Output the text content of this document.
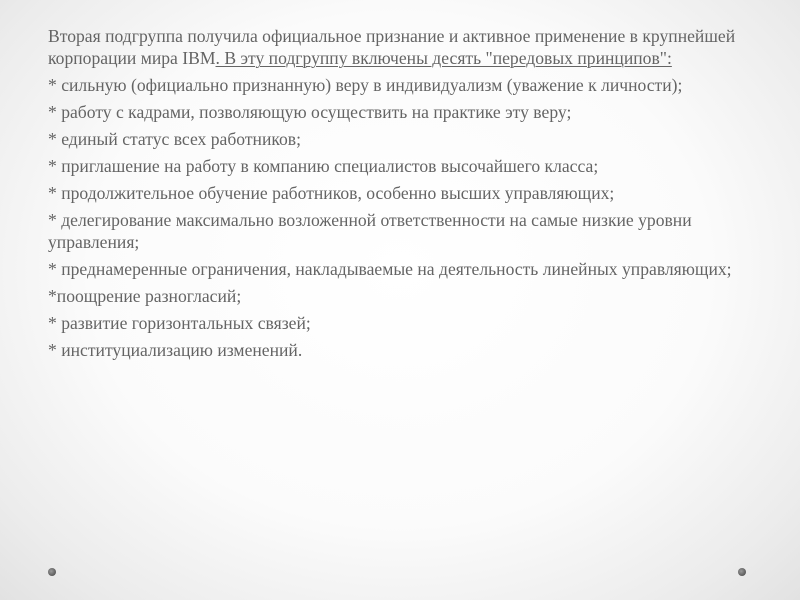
Вторая подгруппа получила официальное признание и активное применение в крупнейшей корпорации мира IBM. В эту подгруппу включены десять "передовых принципов":

* сильную (официально признанную) веру в индивидуализм (уважение к личности);

* работу с кадрами, позволяющую осуществить на практике эту веру;

* единый статус всех работников;

* приглашение на работу в компанию специалистов высочайшего класса;

* продолжительное обучение работников, особенно высших управляющих;

* делегирование максимально возложенной ответственности на самые низкие уровни управления;

* преднамеренные ограничения, накладываемые на деятельность линейных управляющих;

*поощрение разногласий;

* развитие горизонтальных связей;

* институциализацию изменений.
